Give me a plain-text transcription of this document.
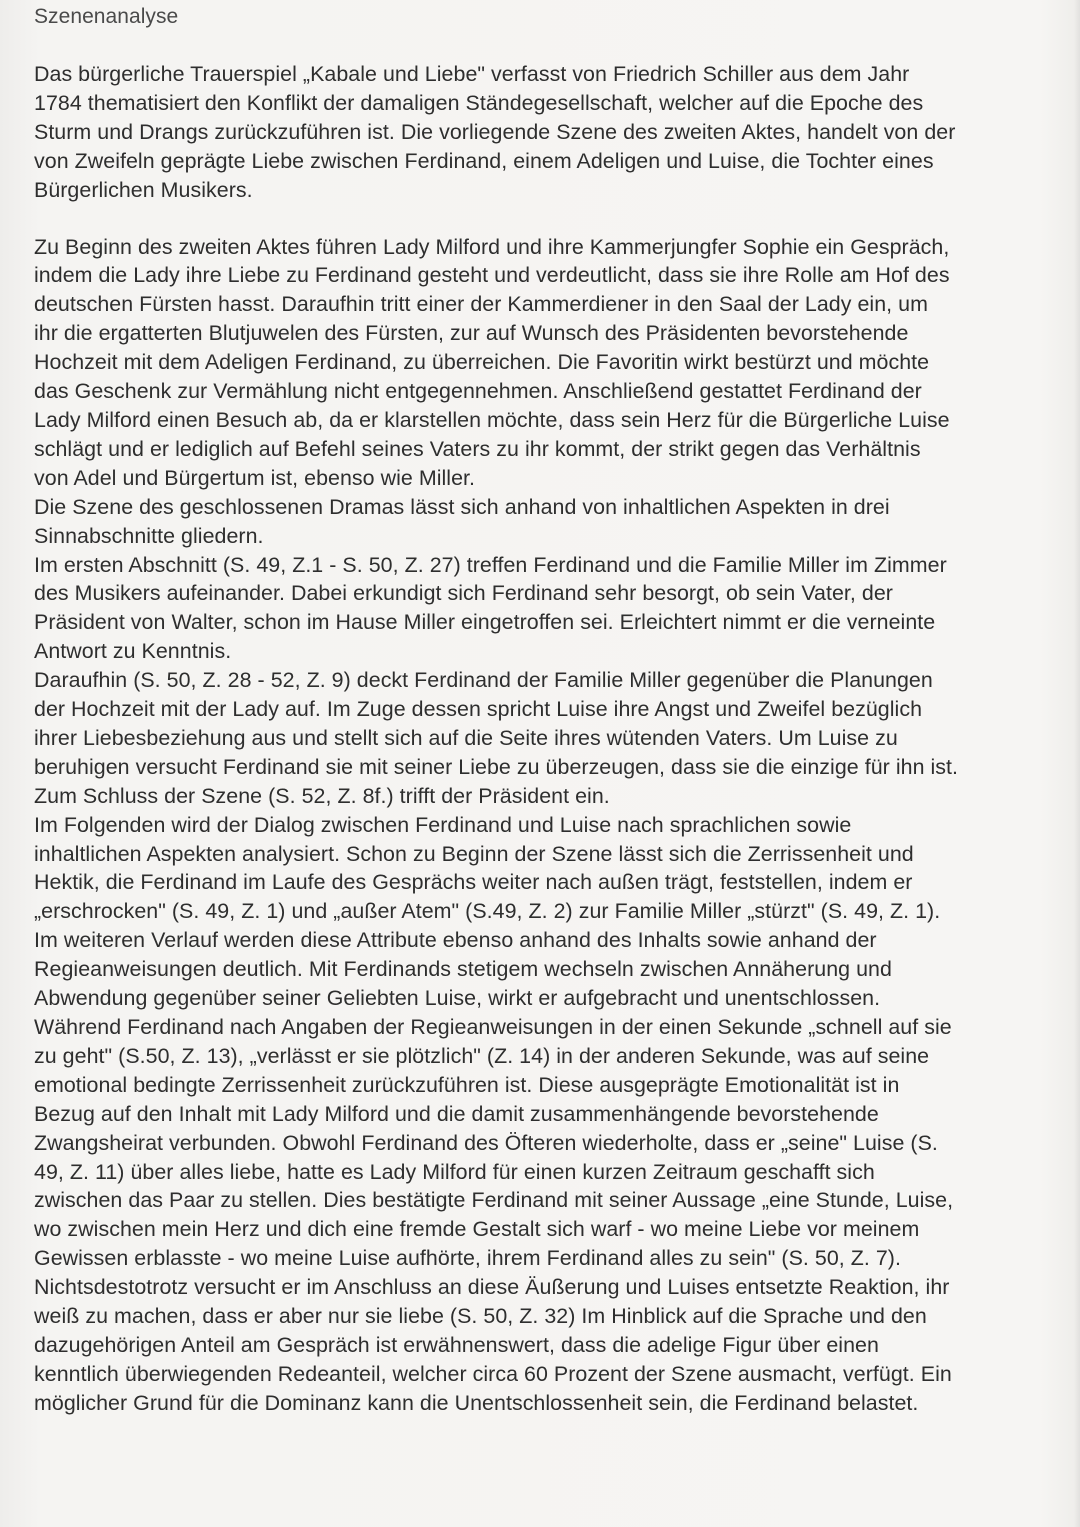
Szenenanalyse

Das bürgerliche Trauerspiel „Kabale und Liebe" verfasst von Friedrich Schiller aus dem Jahr
1784 thematisiert den Konflikt der damaligen Ständegesellschaft, welcher auf die Epoche des
Sturm und Drangs zurückzuführen ist. Die vorliegende Szene des zweiten Aktes, handelt von der
von Zweifeln geprägte Liebe zwischen Ferdinand, einem Adeligen und Luise, die Tochter eines
Bürgerlichen Musikers.

Zu Beginn des zweiten Aktes führen Lady Milford und ihre Kammerjungfer Sophie ein Gespräch,
indem die Lady ihre Liebe zu Ferdinand gesteht und verdeutlicht, dass sie ihre Rolle am Hof des
deutschen Fürsten hasst. Daraufhin tritt einer der Kammerdiener in den Saal der Lady ein, um
ihr die ergatterten Blutjuwelen des Fürsten, zur auf Wunsch des Präsidenten bevorstehende
Hochzeit mit dem Adeligen Ferdinand, zu überreichen. Die Favoritin wirkt bestürzt und möchte
das Geschenk zur Vermählung nicht entgegennehmen. Anschließend gestattet Ferdinand der
Lady Milford einen Besuch ab, da er klarstellen möchte, dass sein Herz für die Bürgerliche Luise
schlägt und er lediglich auf Befehl seines Vaters zu ihr kommt, der strikt gegen das Verhältnis
von Adel und Bürgertum ist, ebenso wie Miller.

Die Szene des geschlossenen Dramas lässt sich anhand von inhaltlichen Aspekten in drei
Sinnabschnitte gliedern.

Im ersten Abschnitt (S. 49, Z.1 - S. 50, Z. 27) treffen Ferdinand und die Familie Miller im Zimmer
des Musikers aufeinander. Dabei erkundigt sich Ferdinand sehr besorgt, ob sein Vater, der
Präsident von Walter, schon im Hause Miller eingetroffen sei. Erleichtert nimmt er die verneinte
Antwort zu Kenntnis.

Daraufhin (S. 50, Z. 28 - 52, Z. 9) deckt Ferdinand der Familie Miller gegenüber die Planungen
der Hochzeit mit der Lady auf. Im Zuge dessen spricht Luise ihre Angst und Zweifel bezüglich
ihrer Liebesbeziehung aus und stellt sich auf die Seite ihres wütenden Vaters. Um Luise zu
beruhigen versucht Ferdinand sie mit seiner Liebe zu überzeugen, dass sie die einzige für ihn ist.
Zum Schluss der Szene (S. 52, Z. 8f.) trifft der Präsident ein.

Im Folgenden wird der Dialog zwischen Ferdinand und Luise nach sprachlichen sowie
inhaltlichen Aspekten analysiert. Schon zu Beginn der Szene lässt sich die Zerrissenheit und
Hektik, die Ferdinand im Laufe des Gesprächs weiter nach außen trägt, feststellen, indem er
„erschrocken" (S. 49, Z. 1) und „außer Atem" (S.49, Z. 2) zur Familie Miller „stürzt" (S. 49, Z. 1).
Im weiteren Verlauf werden diese Attribute ebenso anhand des Inhalts sowie anhand der
Regieanweisungen deutlich. Mit Ferdinands stetigem wechseln zwischen Annäherung und
Abwendung gegenüber seiner Geliebten Luise, wirkt er aufgebracht und unentschlossen.
Während Ferdinand nach Angaben der Regieanweisungen in der einen Sekunde „schnell auf sie
zu geht" (S.50, Z. 13), „verlässt er sie plötzlich" (Z. 14) in der anderen Sekunde, was auf seine
emotional bedingte Zerrissenheit zurückzuführen ist. Diese ausgeprägte Emotionalität ist in
Bezug auf den Inhalt mit Lady Milford und die damit zusammenhängende bevorstehende
Zwangsheirat verbunden. Obwohl Ferdinand des Öfteren wiederholte, dass er „seine" Luise (S.
49, Z. 11) über alles liebe, hatte es Lady Milford für einen kurzen Zeitraum geschafft sich
zwischen das Paar zu stellen. Dies bestätigte Ferdinand mit seiner Aussage „eine Stunde, Luise,
wo zwischen mein Herz und dich eine fremde Gestalt sich warf - wo meine Liebe vor meinem
Gewissen erblasste - wo meine Luise aufhörte, ihrem Ferdinand alles zu sein" (S. 50, Z. 7).
Nichtsdestotrotz versucht er im Anschluss an diese Äußerung und Luises entsetzte Reaktion, ihr
weiß zu machen, dass er aber nur sie liebe (S. 50, Z. 32) Im Hinblick auf die Sprache und den
dazugehörigen Anteil am Gespräch ist erwähnenswert, dass die adelige Figur über einen
kenntlich überwiegenden Redeanteil, welcher circa 60 Prozent der Szene ausmacht, verfügt. Ein
möglicher Grund für die Dominanz kann die Unentschlossenheit sein, die Ferdinand belastet.
